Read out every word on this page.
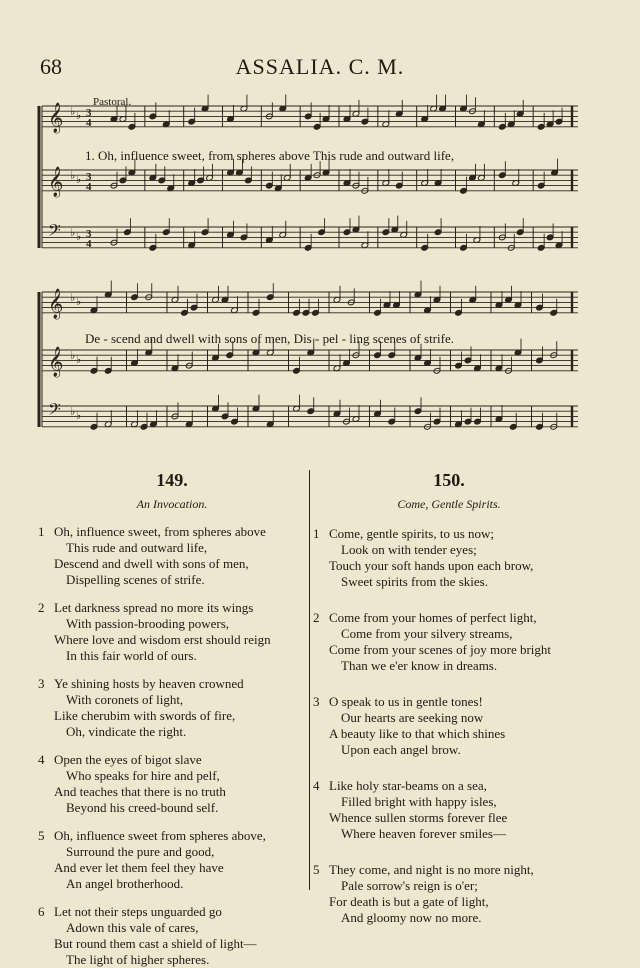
68	ASSALIA. C. M.
Pastoral.
𝄞 ♭ ♭ 3
4
𝄞 ♭ ♭ 3
4
𝄢 ♭ ♭ 3
4
𝄞 ♭ ♭
𝄞 ♭ ♭
𝄢 ♭ ♭
1. Oh, influence sweet, from spheres above This rude and outward life,
De - scend and dwell with sons of men, Dis - pel - ling scenes of strife.
149.
An Invocation.
1 Oh, influence sweet, from spheres above
This rude and outward life,
Descend and dwell with sons of men,
Dispelling scenes of strife.
2 Let darkness spread no more its wings
With passion-brooding powers,
Where love and wisdom erst should reign
In this fair world of ours.
3 Ye shining hosts by heaven crowned
With coronets of light,
Like cherubim with swords of fire,
Oh, vindicate the right.
4 Open the eyes of bigot slave
Who speaks for hire and pelf,
And teaches that there is no truth
Beyond his creed-bound self.
5 Oh, influence sweet from spheres above,
Surround the pure and good,
And ever let them feel they have
An angel brotherhood.
6 Let not their steps unguarded go
Adown this vale of cares,
But round them cast a shield of light—
The light of higher spheres.
150.
Come, Gentle Spirits.
1 Come, gentle spirits, to us now;
Look on with tender eyes;
Touch your soft hands upon each brow,
Sweet spirits from the skies.
2 Come from your homes of perfect light,
Come from your silvery streams,
Come from your scenes of joy more bright
Than we e'er know in dreams.
3 O speak to us in gentle tones!
Our hearts are seeking now
A beauty like to that which shines
Upon each angel brow.
4 Like holy star-beams on a sea,
Filled bright with happy isles,
Whence sullen storms forever flee
Where heaven forever smiles—
5 They come, and night is no more night,
Pale sorrow's reign is o'er;
For death is but a gate of light,
And gloomy now no more.
